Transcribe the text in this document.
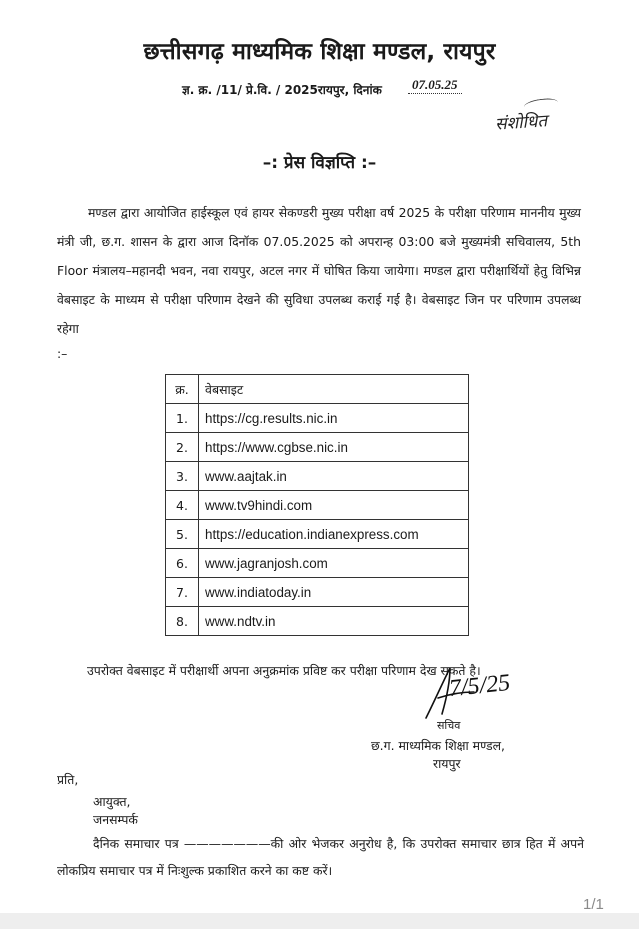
छत्तीसगढ़ माध्यमिक शिक्षा मण्डल, रायपुर
ज्ञ. क्र. /11/ प्रे.वि. / 2025रायपुर, दिनांक	07.05.25
संशोधित
–: प्रेस विज्ञप्ति :–
मण्डल द्वारा आयोजित हाईस्कूल एवं हायर सेकण्डरी मुख्य परीक्षा वर्ष 2025 के परीक्षा परिणाम माननीय मुख्य मंत्री जी, छ.ग. शासन के द्वारा आज दिनॉक 07.05.2025 को अपरान्ह 03:00 बजे मुख्यमंत्री सचिवालय, 5th Floor मंत्रालय–महानदी भवन, नवा रायपुर, अटल नगर में घोषित किया जायेगा। मण्डल द्वारा परीक्षार्थियों हेतु विभिन्न वेबसाइट के माध्यम से परीक्षा परिणाम देखने की सुविधा उपलब्ध कराई गई है। वेबसाइट जिन पर परिणाम उपलब्ध रहेगा
:–
क्र.	वेबसाइट
1.	https://cg.results.nic.in
2.	https://www.cgbse.nic.in
3.	www.aajtak.in
4.	www.tv9hindi.com
5.	https://education.indianexpress.com
6.	www.jagranjosh.com
7.	www.indiatoday.in
8.	www.ndtv.in
उपरोक्त वेबसाइट में परीक्षार्थी अपना अनुक्रमांक प्रविष्ट कर परीक्षा परिणाम देख सकते है।
7/5/25
सचिव
छ.ग. माध्यमिक शिक्षा मण्डल,
रायपुर
प्रति,
आयुक्त,
जनसम्पर्क
दैनिक समाचार पत्र ———————की ओर भेजकर अनुरोध है, कि उपरोक्त समाचार छात्र हित में अपने लोकप्रिय समाचार पत्र में निःशुल्क प्रकाशित करने का कष्ट करें।
1/1
